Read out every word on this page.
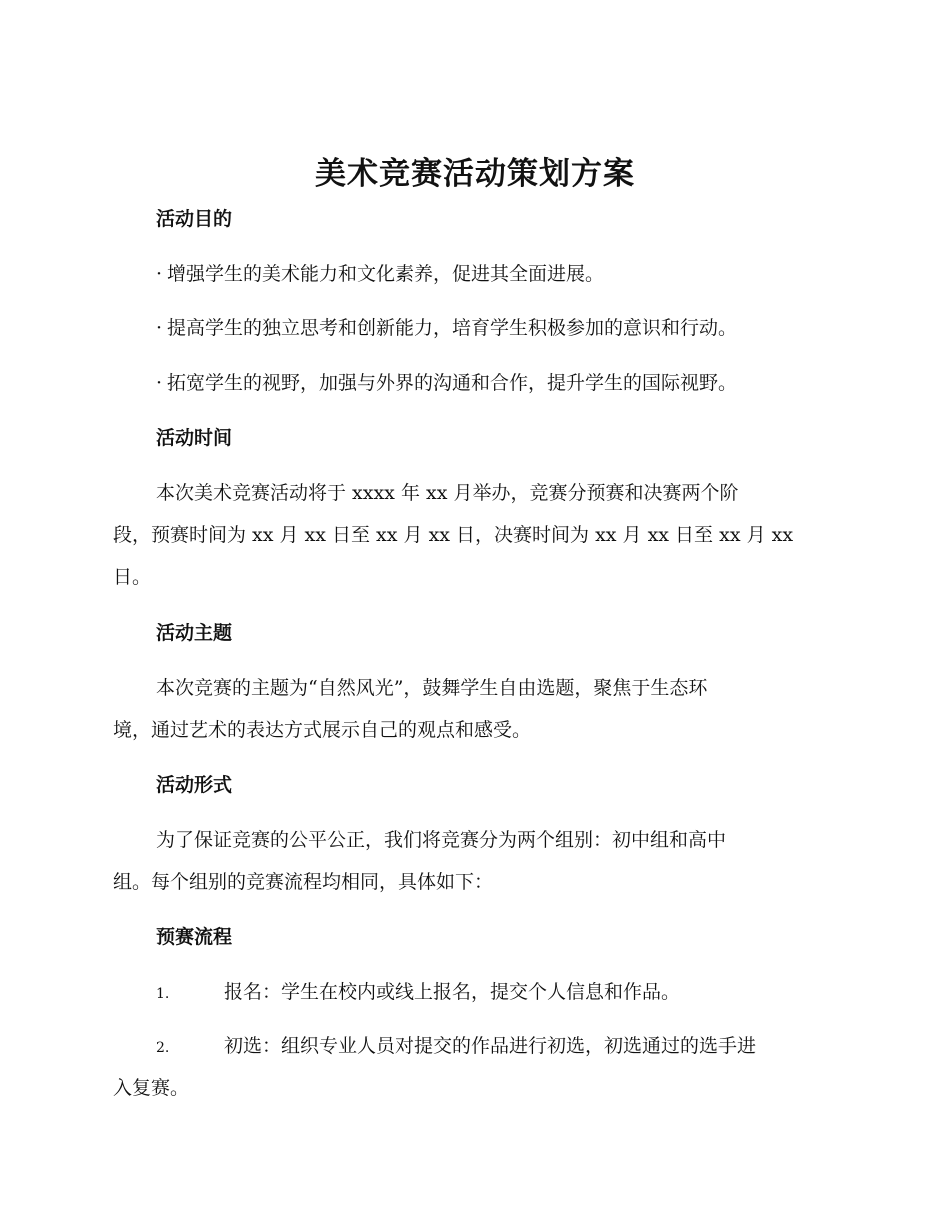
美术竞赛活动策划方案
活动目的
· 增强学生的美术能力和文化素养，促进其全面进展。
· 提高学生的独立思考和创新能力，培育学生积极参加的意识和行动。
· 拓宽学生的视野，加强与外界的沟通和合作，提升学生的国际视野。
活动时间
本次美术竞赛活动将于 xxxx 年 xx 月举办，竞赛分预赛和决赛两个阶
段，预赛时间为 xx 月 xx 日至 xx 月 xx 日，决赛时间为 xx 月 xx 日至 xx 月 xx
日。
活动主题
本次竞赛的主题为“自然风光”，鼓舞学生自由选题，聚焦于生态环
境，通过艺术的表达方式展示自己的观点和感受。
活动形式
为了保证竞赛的公平公正，我们将竞赛分为两个组别：初中组和高中
组。每个组别的竞赛流程均相同，具体如下：
预赛流程
1.	报名：学生在校内或线上报名，提交个人信息和作品。
2.	初选：组织专业人员对提交的作品进行初选，初选通过的选手进
入复赛。
